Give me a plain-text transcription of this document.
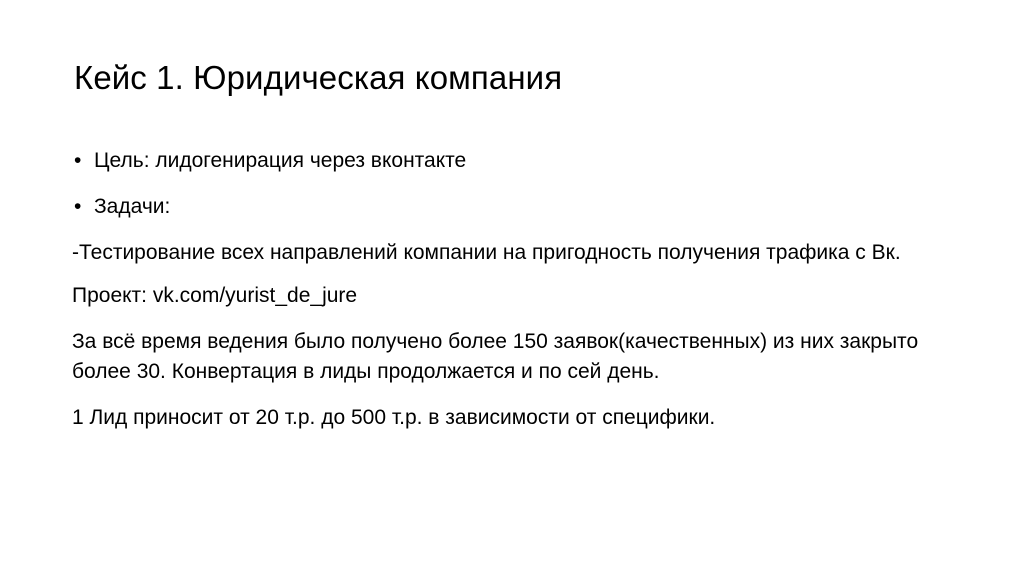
Кейс 1. Юридическая компания
• Цель: лидогенирация через вконтакте
• Задачи:
-Тестирование всех направлений компании на пригодность получения трафика с Вк.
Проект: vk.com/yurist_de_jure
За всё время ведения было получено более 150 заявок(качественных) из них закрыто более 30. Конвертация в лиды продолжается и по сей день.
1 Лид приносит от 20 т.р. до 500 т.р. в зависимости от специфики.
